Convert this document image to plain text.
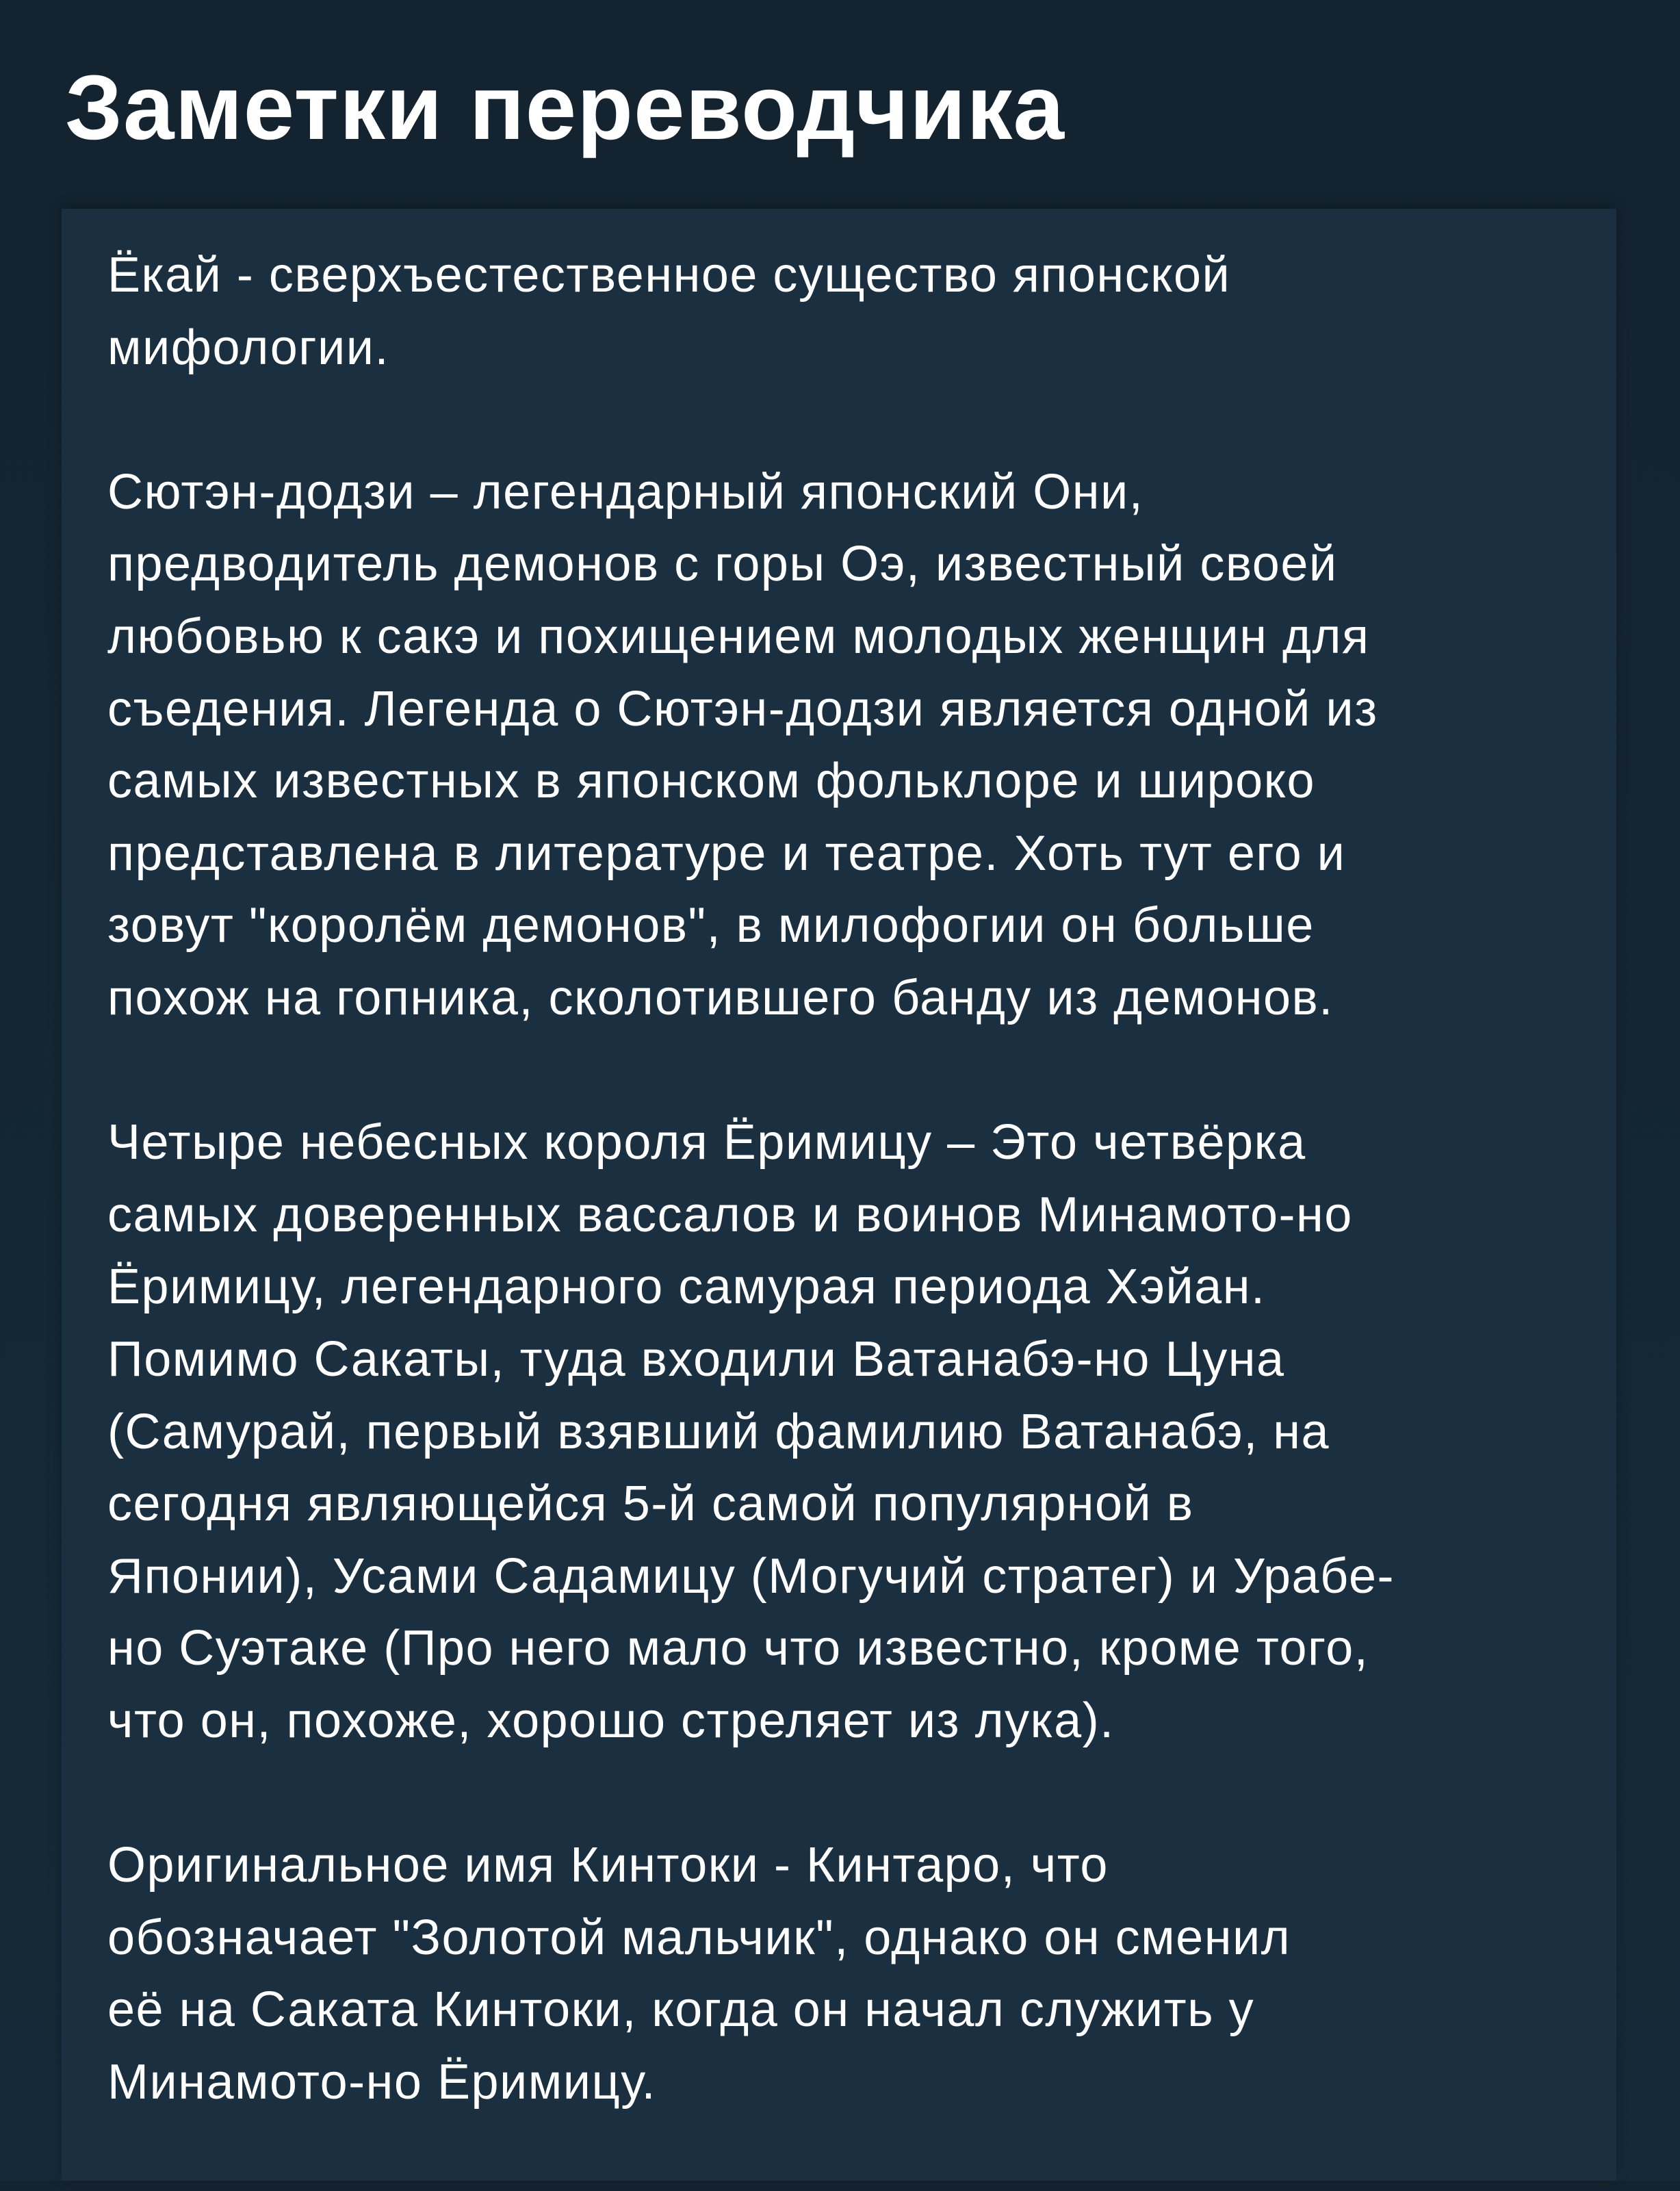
Заметки переводчика
Ёкай - сверхъестественное существо японской
мифологии.
Сютэн-додзи – легендарный японский Они,
предводитель демонов с горы Оэ, известный своей
любовью к сакэ и похищением молодых женщин для
съедения. Легенда о Сютэн-додзи является одной из
самых известных в японском фольклоре и широко
представлена в литературе и театре. Хоть тут его и
зовут "королём демонов", в милофогии он больше
похож на гопника, сколотившего банду из демонов.
Четыре небесных короля Ёримицу – Это четвёрка
самых доверенных вассалов и воинов Минамото-но
Ёримицу, легендарного самурая периода Хэйан.
Помимо Сакаты, туда входили Ватанабэ-но Цуна
(Самурай, первый взявший фамилию Ватанабэ, на
сегодня являющейся 5-й самой популярной в
Японии), Усами Садамицу (Могучий стратег) и Урабе-
но Суэтаке (Про него мало что известно, кроме того,
что он, похоже, хорошо стреляет из лука).
Оригинальное имя Кинтоки - Кинтаро, что
обозначает "Золотой мальчик", однако он сменил
её на Саката Кинтоки, когда он начал служить у
Минамото-но Ёримицу.
